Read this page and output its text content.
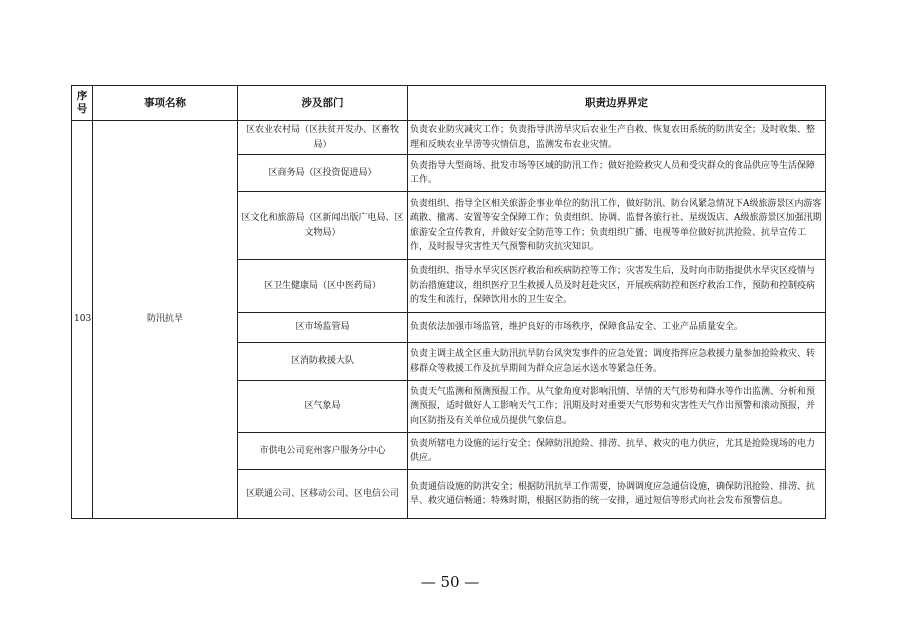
序
号	事项名称	涉及部门	职责边界界定
103	防汛抗旱	区农业农村局（区扶贫开发办、区畜牧局）	负责农业防灾减灾工作；负责指导洪涝旱灾后农业生产自救、恢复农田系统的防洪安全；及时收集、整理和反映农业旱涝等灾情信息，监测发布农业灾情。
		区商务局（区投资促进局）	负责指导大型商场、批发市场等区域的防汛工作；做好抢险救灾人员和受灾群众的食品供应等生活保障工作。
		区文化和旅游局（区新闻出版广电局、区文物局）	负责组织、指导全区相关旅游企事业单位的防汛工作，做好防汛、防台风紧急情况下A级旅游景区内游客疏散、撤离、安置等安全保障工作；负责组织、协调、监督各旅行社、星级饭店、A级旅游景区加强汛期旅游安全宣传教育，并做好安全防范等工作；负责组织广播、电视等单位做好抗洪抢险、抗旱宣传工作，及时报导灾害性天气预警和防灾抗灾知识。
		区卫生健康局（区中医药局）	负责组织、指导水旱灾区医疗救治和疾病防控等工作；灾害发生后，及时向市防指提供水旱灾区疫情与防治措施建议，组织医疗卫生救援人员及时赶赴灾区，开展疾病防控和医疗救治工作，预防和控制疫病的发生和流行，保障饮用水的卫生安全。
		区市场监管局	负责依法加强市场监管，维护良好的市场秩序，保障食品安全、工业产品质量安全。
		区消防救援大队	负责主调主战全区重大防汛抗旱防台风突发事件的应急处置；调度指挥应急救援力量参加抢险救灾、转移群众等救援工作及抗旱期间为群众应急运水送水等紧急任务。
		区气象局	负责天气监测和预测预报工作。从气象角度对影响汛情、旱情的天气形势和降水等作出监测、分析和预测预报，适时做好人工影响天气工作；汛期及时对重要天气形势和灾害性天气作出预警和滚动预报，并向区防指及有关单位成员提供气象信息。
		市供电公司兖州客户服务分中心	负责所辖电力设施的运行安全；保障防汛抢险、排涝、抗旱、救灾的电力供应，尤其是抢险现场的电力供应。
		区联通公司、区移动公司、区电信公司	负责通信设施的防洪安全；根据防汛抗旱工作需要，协调调度应急通信设施，确保防汛抢险、排涝、抗旱、救灾通信畅通；特殊时期，根据区防指的统一安排，通过短信等形式向社会发布预警信息。
— 50 —
